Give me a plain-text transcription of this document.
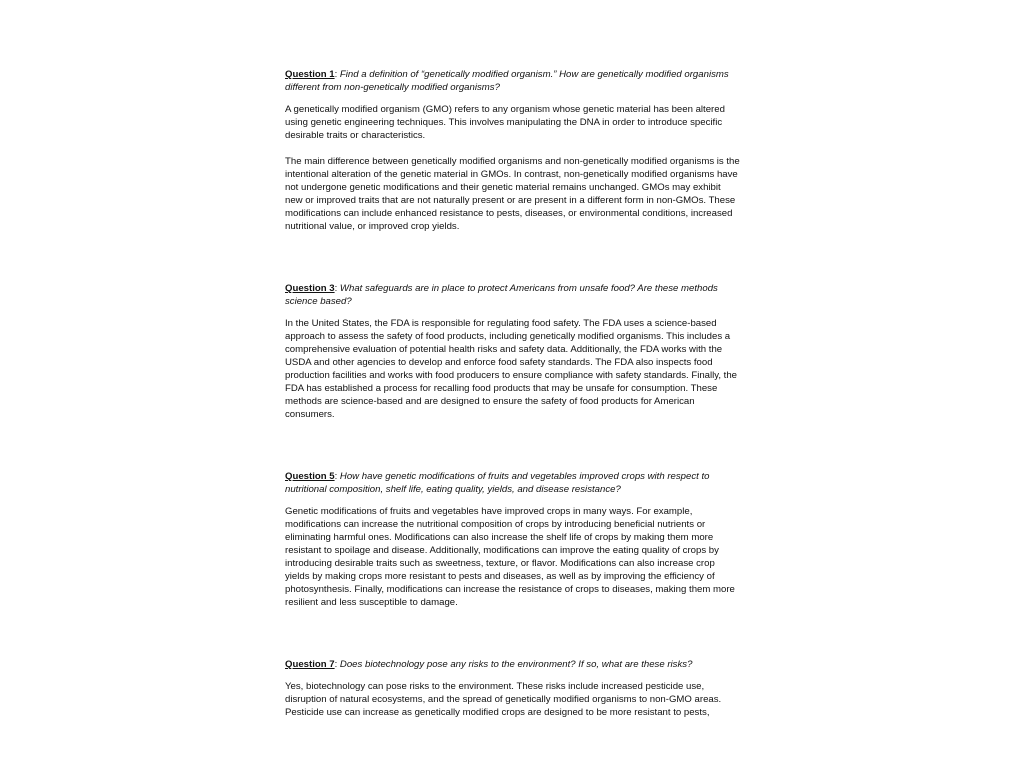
Question 1: Find a definition of “genetically modified organism.” How are genetically modified organisms different from non-genetically modified organisms?

A genetically modified organism (GMO) refers to any organism whose genetic material has been altered using genetic engineering techniques. This involves manipulating the DNA in order to introduce specific desirable traits or characteristics.

The main difference between genetically modified organisms and non-genetically modified organisms is the intentional alteration of the genetic material in GMOs. In contrast, non-genetically modified organisms have not undergone genetic modifications and their genetic material remains unchanged. GMOs may exhibit new or improved traits that are not naturally present or are present in a different form in non-GMOs. These modifications can include enhanced resistance to pests, diseases, or environmental conditions, increased nutritional value, or improved crop yields.

Question 3: What safeguards are in place to protect Americans from unsafe food? Are these methods science based?

In the United States, the FDA is responsible for regulating food safety. The FDA uses a science-based approach to assess the safety of food products, including genetically modified organisms. This includes a comprehensive evaluation of potential health risks and safety data. Additionally, the FDA works with the USDA and other agencies to develop and enforce food safety standards. The FDA also inspects food production facilities and works with food producers to ensure compliance with safety standards. Finally, the FDA has established a process for recalling food products that may be unsafe for consumption. These methods are science-based and are designed to ensure the safety of food products for American consumers.

Question 5: How have genetic modifications of fruits and vegetables improved crops with respect to nutritional composition, shelf life, eating quality, yields, and disease resistance?

Genetic modifications of fruits and vegetables have improved crops in many ways. For example, modifications can increase the nutritional composition of crops by introducing beneficial nutrients or eliminating harmful ones. Modifications can also increase the shelf life of crops by making them more resistant to spoilage and disease. Additionally, modifications can improve the eating quality of crops by introducing desirable traits such as sweetness, texture, or flavor. Modifications can also increase crop yields by making crops more resistant to pests and diseases, as well as by improving the efficiency of photosynthesis. Finally, modifications can increase the resistance of crops to diseases, making them more resilient and less susceptible to damage.

Question 7: Does biotechnology pose any risks to the environment? If so, what are these risks?

Yes, biotechnology can pose risks to the environment. These risks include increased pesticide use, disruption of natural ecosystems, and the spread of genetically modified organisms to non-GMO areas. Pesticide use can increase as genetically modified crops are designed to be more resistant to pests,
